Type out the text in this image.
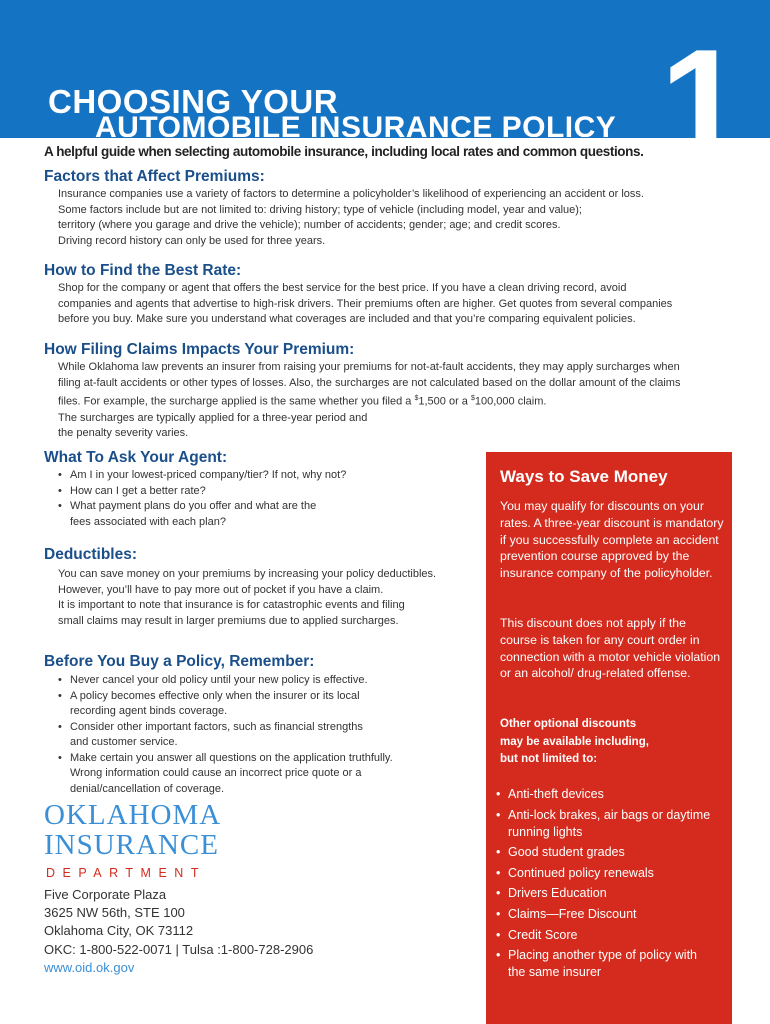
CHOOSING YOUR
AUTOMOBILE INSURANCE POLICY 1
A helpful guide when selecting automobile insurance, including local rates and common questions.
Factors that Affect Premiums:

Insurance companies use a variety of factors to determine a policyholder’s likelihood of experiencing an accident or loss.

Some factors include but are not limited to: driving history; type of vehicle (including model, year and value);

territory (where you garage and drive the vehicle); number of accidents; gender; age; and credit scores.

Driving record history can only be used for three years.

How to Find the Best Rate:

Shop for the company or agent that offers the best service for the best price. If you have a clean driving record, avoid

companies and agents that advertise to high-risk drivers. Their premiums often are higher. Get quotes from several companies

before you buy. Make sure you understand what coverages are included and that you’re comparing equivalent policies.

How Filing Claims Impacts Your Premium:

While Oklahoma law prevents an insurer from raising your premiums for not-at-fault accidents, they may apply surcharges when

filing at-fault accidents or other types of losses. Also, the surcharges are not calculated based on the dollar amount of the claims

files. For example, the surcharge applied is the same whether you filed a $1,500 or a $100,000 claim.

The surcharges are typically applied for a three-year period and

the penalty severity varies.

What To Ask Your Agent:
• Am I in your lowest-priced company/tier? If not, why not?
• How can I get a better rate?
• What payment plans do you offer and what are the
fees associated with each plan?
Deductibles:

You can save money on your premiums by increasing your policy deductibles.

However, you’ll have to pay more out of pocket if you have a claim.

It is important to note that insurance is for catastrophic events and filing

small claims may result in larger premiums due to applied surcharges.

Before You Buy a Policy, Remember:
• Never cancel your old policy until your new policy is effective.
• A policy becomes effective only when the insurer or its local
recording agent binds coverage.
• Consider other important factors, such as financial strengths
and customer service.
• Make certain you answer all questions on the application truthfully.
Wrong information could cause an incorrect price quote or a
denial/cancellation of coverage.
OKLAHOMA
INSURANCE
DEPARTMENT

Five Corporate Plaza

3625 NW 56th, STE 100

Oklahoma City, OK 73112

OKC: 1-800-522-0071 | Tulsa :1-800-728-2906

www.oid.ok.gov

Ways to Save Money
You may qualify for discounts on your rates. A three-year discount is mandatory if you successfully complete an accident prevention course approved by the insurance company of the policyholder.
This discount does not apply if the course is taken for any court order in connection with a motor vehicle violation or an alcohol/ drug-related offense.
Other optional discounts
may be available including,
but not limited to:
• Anti-theft devices
• Anti-lock brakes, air bags or daytime running lights
• Good student grades
• Continued policy renewals
• Drivers Education
• Claims—Free Discount
• Credit Score
• Placing another type of policy with the same insurer
